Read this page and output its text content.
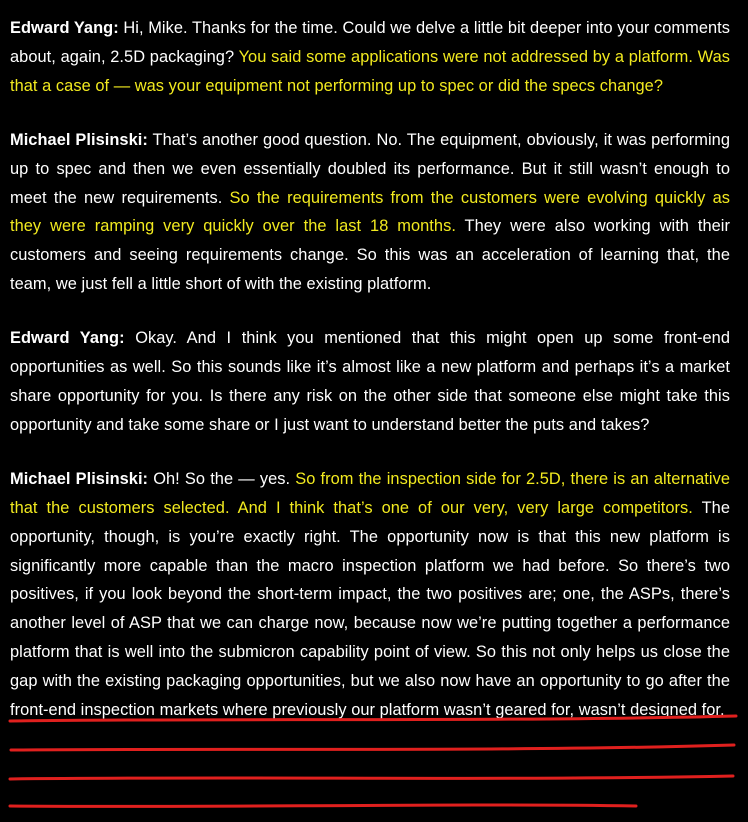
Edward Yang: Hi, Mike. Thanks for the time. Could we delve a little bit deeper into your comments about, again, 2.5D packaging? You said some applications were not addressed by a platform. Was that a case of — was your equipment not performing up to spec or did the specs change?

Michael Plisinski: That’s another good question. No. The equipment, obviously, it was performing up to spec and then we even essentially doubled its performance. But it still wasn’t enough to meet the new requirements. So the requirements from the customers were evolving quickly as they were ramping very quickly over the last 18 months. They were also working with their customers and seeing requirements change. So this was an acceleration of learning that, the team, we just fell a little short of with the existing platform.

Edward Yang: Okay. And I think you mentioned that this might open up some front-end opportunities as well. So this sounds like it’s almost like a new platform and perhaps it’s a market share opportunity for you. Is there any risk on the other side that someone else might take this opportunity and take some share or I just want to understand better the puts and takes?

Michael Plisinski: Oh! So the — yes. So from the inspection side for 2.5D, there is an alternative that the customers selected. And I think that’s one of our very, very large competitors. The opportunity, though, is you’re exactly right. The opportunity now is that this new platform is significantly more capable than the macro inspection platform we had before. So there’s two positives, if you look beyond the short-term impact, the two positives are; one, the ASPs, there’s another level of ASP that we can charge now, because now we’re putting together a performance platform that is well into the submicron capability point of view. So this not only helps us close the gap with the existing packaging opportunities, but we also now have an opportunity to go after the front-end inspection markets where previously our platform wasn’t geared for, wasn’t designed for.
